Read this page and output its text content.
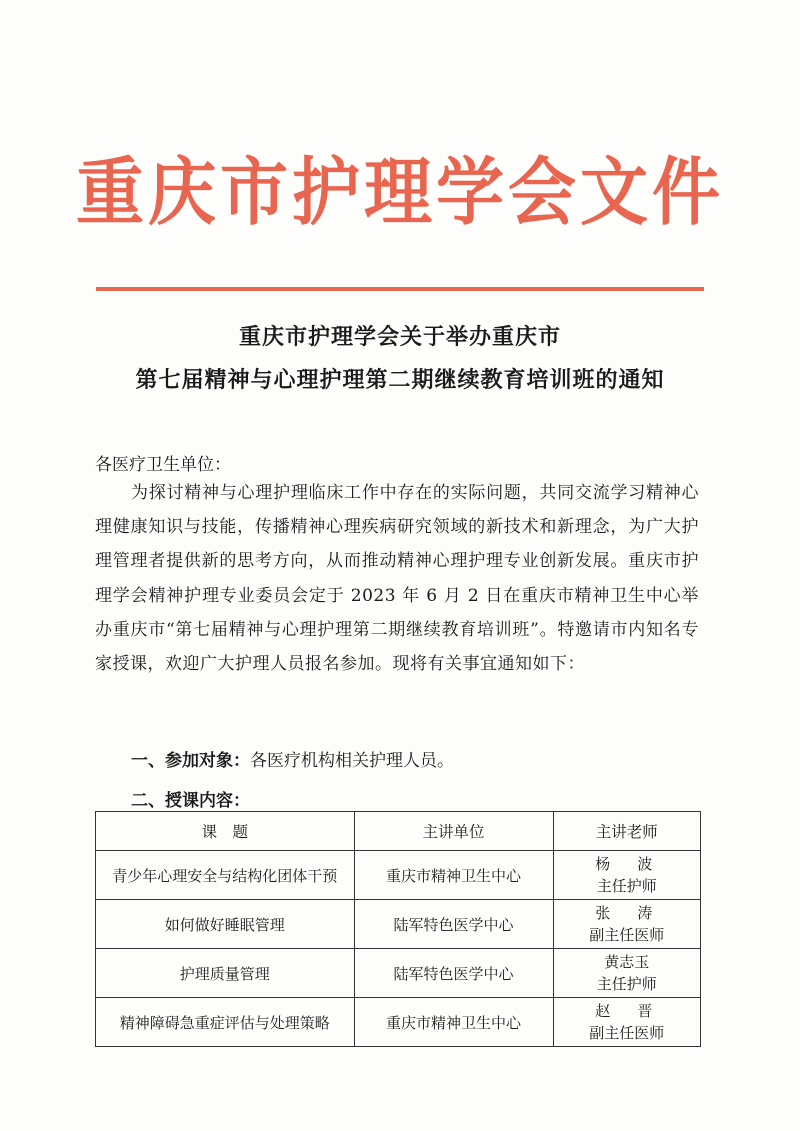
重庆市护理学会文件
重庆市护理学会关于举办重庆市
第七届精神与心理护理第二期继续教育培训班的通知
各医疗卫生单位：
为探讨精神与心理护理临床工作中存在的实际问题，共同交流学习精神心理健康知识与技能，传播精神心理疾病研究领域的新技术和新理念，为广大护理管理者提供新的思考方向，从而推动精神心理护理专业创新发展。重庆市护理学会精神护理专业委员会定于 2023 年 6 月 2 日在重庆市精神卫生中心举办重庆市“第七届精神与心理护理第二期继续教育培训班”。特邀请市内知名专家授课，欢迎广大护理人员报名参加。现将有关事宜通知如下：
一、参加对象：各医疗机构相关护理人员。
二、授课内容：
课　题	主讲单位	主讲老师
青少年心理安全与结构化团体干预	重庆市精神卫生中心	杨　波
主任护师

如何做好睡眠管理	陆军特色医学中心	张　涛
副主任医师

护理质量管理	陆军特色医学中心	黄志玉
主任护师

精神障碍急重症评估与处理策略	重庆市精神卫生中心	赵　晋
副主任医师
